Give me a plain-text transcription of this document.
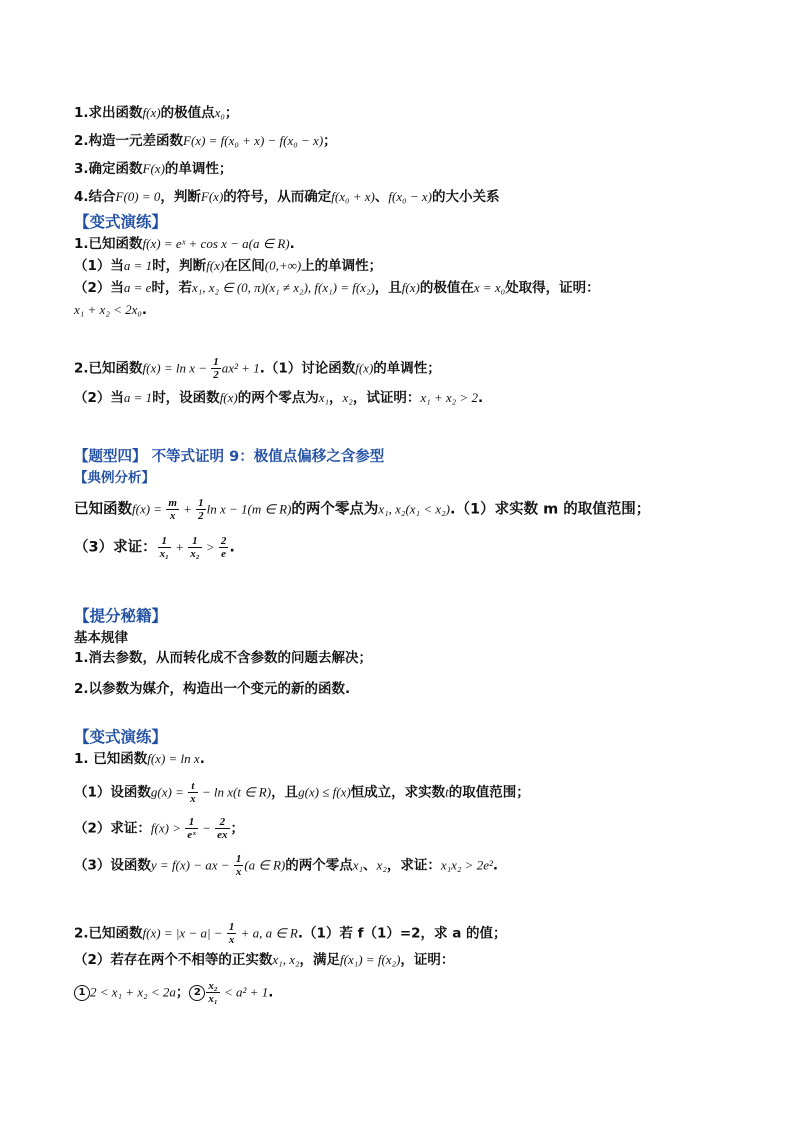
1.求出函数f(x)的极值点x₀；
2.构造一元差函数F(x) = f(x₀ + x) − f(x₀ − x)；
3.确定函数F(x)的单调性；
4.结合F(0) = 0，判断F(x)的符号，从而确定f(x₀ + x)、f(x₀ − x)的大小关系
【变式演练】
1.已知函数f(x) = eˣ + cos x − a(a ∈ R).
（1）当a = 1时，判断f(x)在区间(0,+∞)上的单调性；
（2）当a = e时，若x₁, x₂ ∈ (0, π)(x₁ ≠ x₂), f(x₁) = f(x₂)，且f(x)的极值在x = x₀处取得，证明：
x₁ + x₂ < 2x₀.
2.已知函数$f(x) = \ln x - \frac{1}{2} ax^2 + 1.(1)$讨论函数f(x)的单调性；
（2）当a = 1时，设函数f(x)的两个零点为x₁，x₂，试证明：x₁ + x₂ > 2.
【题型四】 不等式证明 9：极值点偏移之含参型
【典例分析】
已知函数$f(x) = \frac{m}{x} + \frac{1}{2}$ ln x − 1(m ∈ R)的两个零点为x₁, x₂(x₁ < x₂).（1）求实数 m 的取值范围；
（3）求证： $\frac{1}{\text{x₁}} + \frac{1}{\text{x₂}} > \frac{2}{e}$ .
【提分秘籍】
基本规律
1.消去参数，从而转化成不含参数的问题去解决；
2.以参数为媒介，构造出一个变元的新的函数.
【变式演练】
1. 已知函数f(x) = ln x.
（1）设函数$g(x) = \frac{t}{x} - \ln x(t$ ∈ R)，且g(x) ≤ f(x)恒成立，求实数t的取值范围；
（2）求证：$f(x) > \frac{1}{\text{eˣ}} - \frac{2}{ex}$ ；
（3）设函数y = f(x) − ax − $\frac{1}{x} (a$ ∈ R)的两个零点x₁、x₂，求证：x₁x₂ > 2e².
2.已知函数$f(x) = |x - a| - \frac{1}{x} + a$, a ∈ R.（1）若 f（1）=2，求 a 的值；
（2）若存在两个不相等的正实数x₁, x₂，满足f(x₁) = f(x₂)，证明：
1 2 < x₁ + x₂ < 2a； $2 \frac{\text{x₂}}{\text{x₁}} < a^2 + 1$.
